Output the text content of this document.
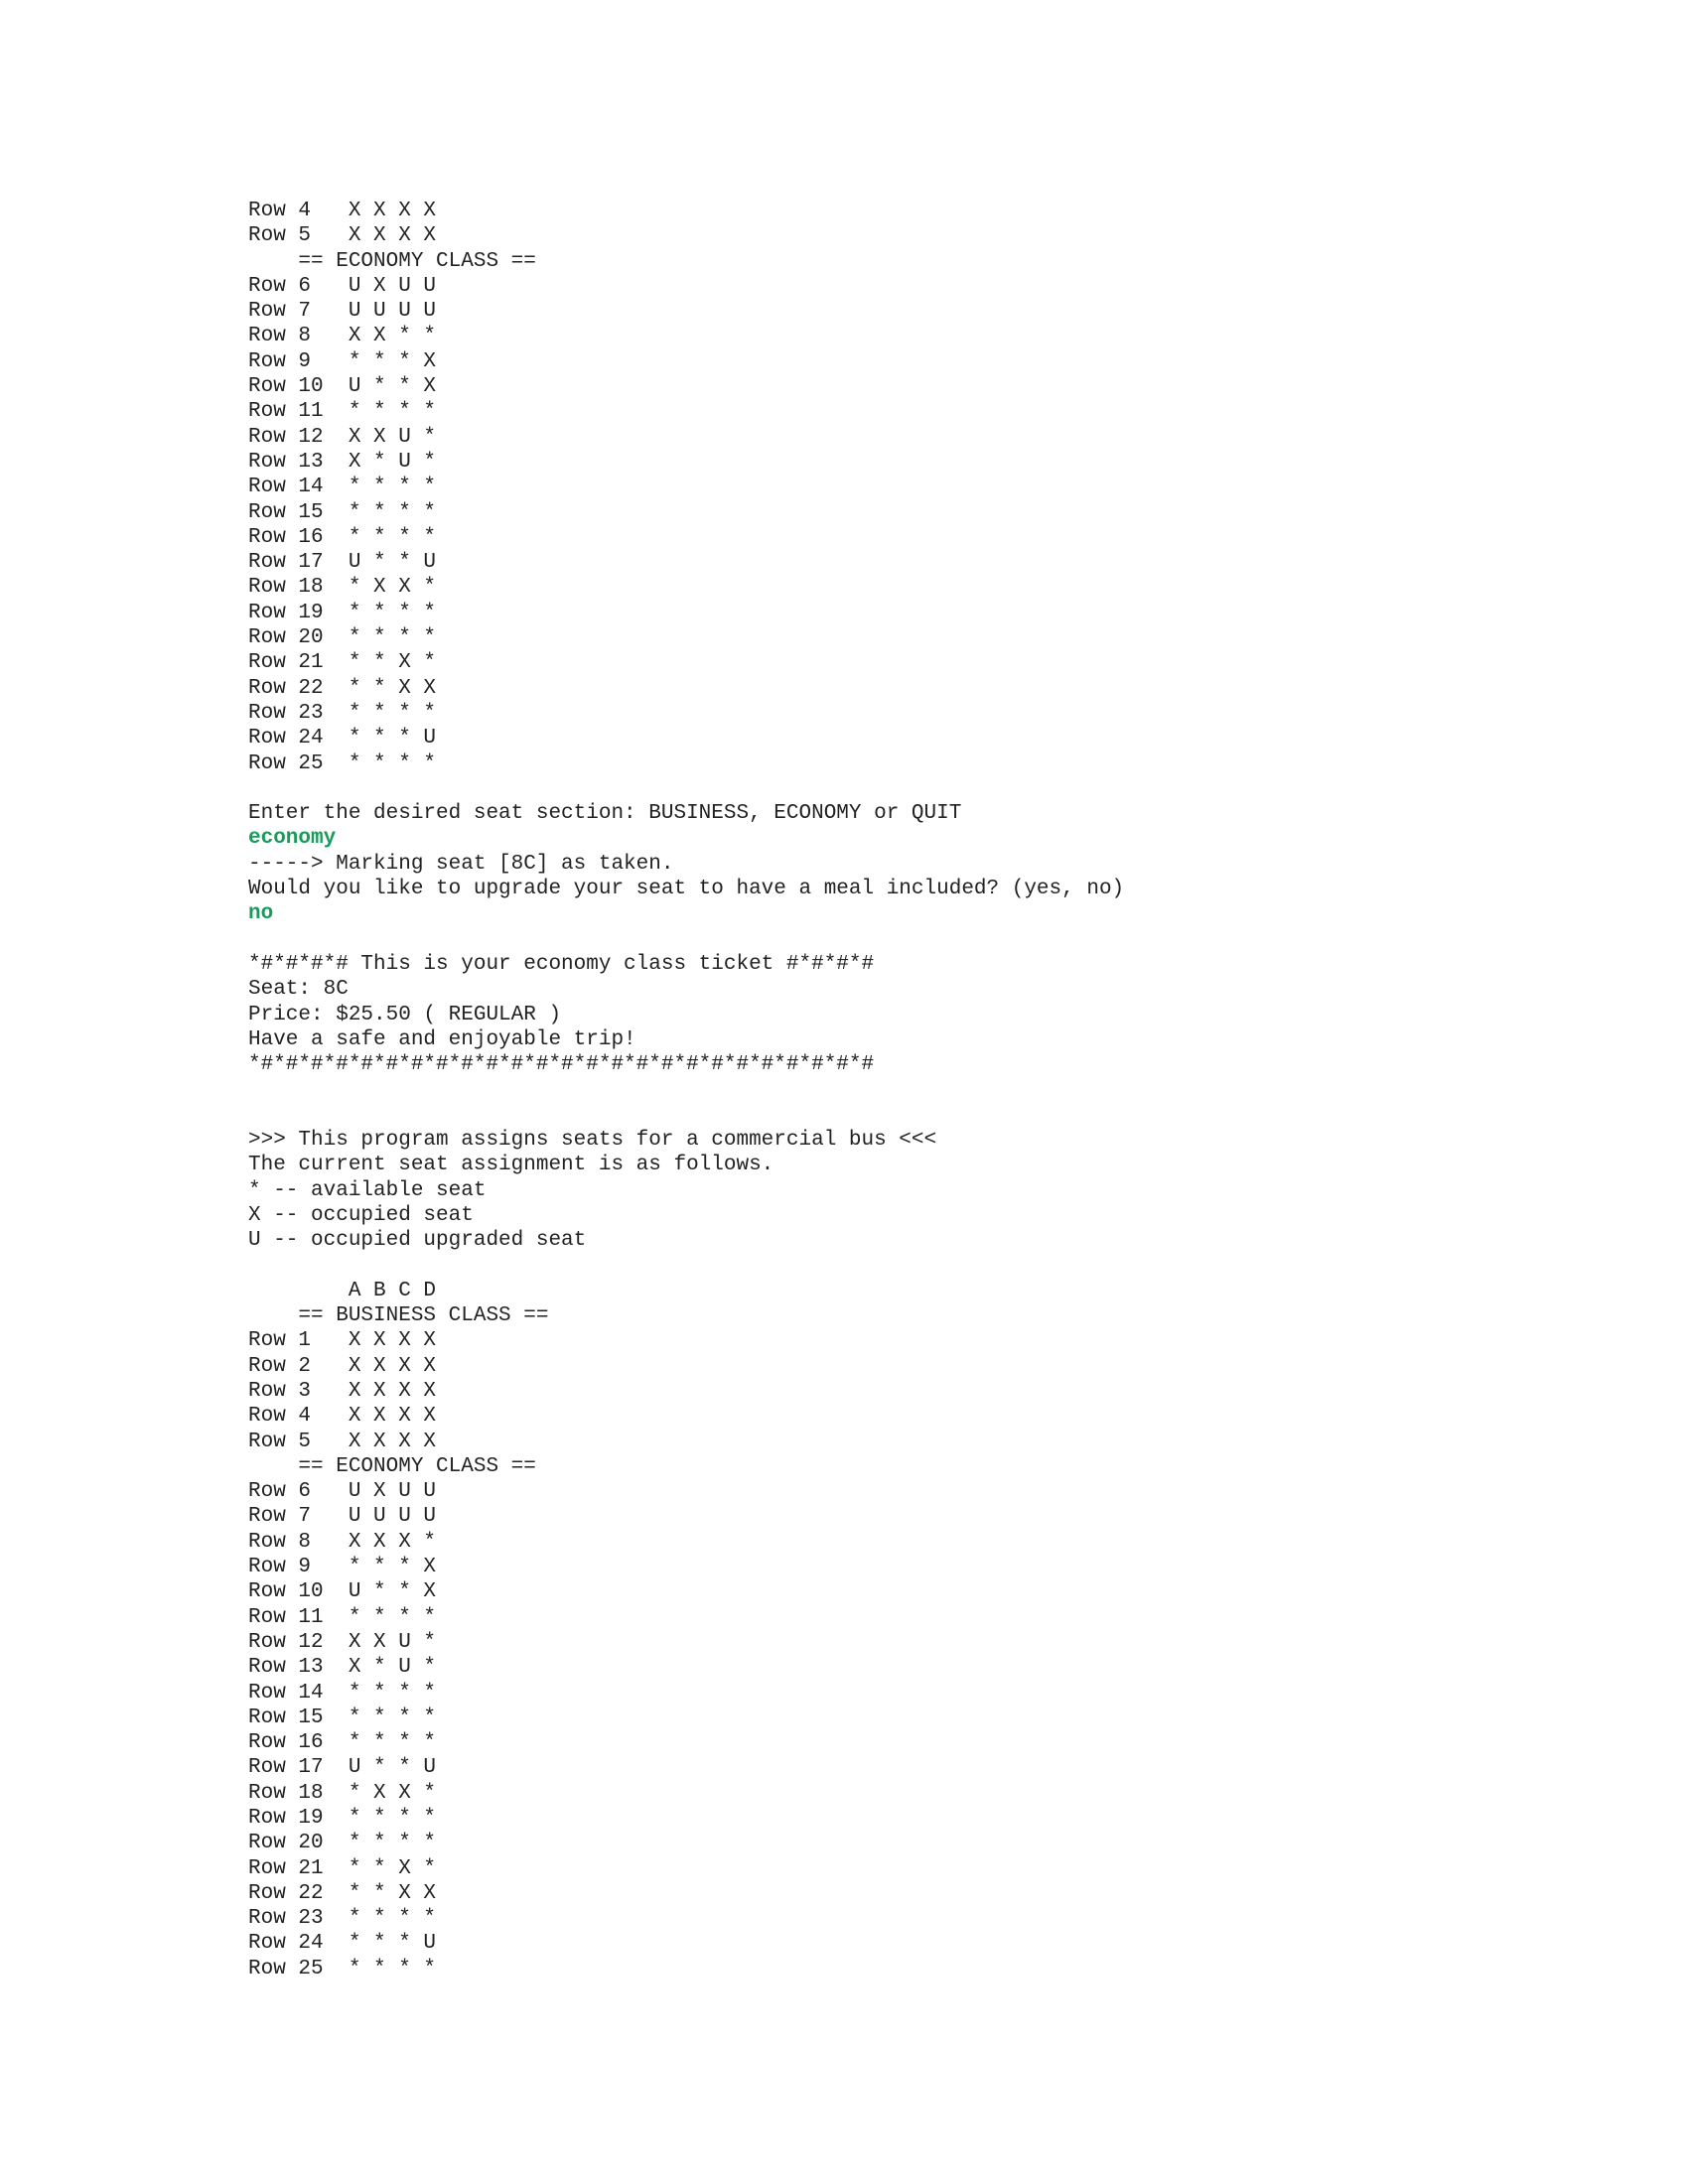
Row 4   X X X X
Row 5   X X X X
== ECONOMY CLASS ==
Row 6   U X U U
Row 7   U U U U
Row 8   X X * *
Row 9   * * * X
Row 10  U * * X
Row 11  * * * *
Row 12  X X U *
Row 13  X * U *
Row 14  * * * *
Row 15  * * * *
Row 16  * * * *
Row 17  U * * U
Row 18  * X X *
Row 19  * * * *
Row 20  * * * *
Row 21  * * X *
Row 22  * * X X
Row 23  * * * *
Row 24  * * * U
Row 25  * * * *
Enter the desired seat section: BUSINESS, ECONOMY or QUIT
economy
-----> Marking seat [8C] as taken.
Would you like to upgrade your seat to have a meal included? (yes, no)
no
*#*#*#*# This is your economy class ticket #*#*#*#
Seat: 8C
Price: $25.50 ( REGULAR )
Have a safe and enjoyable trip!
*#*#*#*#*#*#*#*#*#*#*#*#*#*#*#*#*#*#*#*#*#*#*#*#*#
>>> This program assigns seats for a commercial bus <<<
The current seat assignment is as follows.
* -- available seat
X -- occupied seat
U -- occupied upgraded seat
A B C D
== BUSINESS CLASS ==
Row 1   X X X X
Row 2   X X X X
Row 3   X X X X
Row 4   X X X X
Row 5   X X X X
== ECONOMY CLASS ==
Row 6   U X U U
Row 7   U U U U
Row 8   X X X *
Row 9   * * * X
Row 10  U * * X
Row 11  * * * *
Row 12  X X U *
Row 13  X * U *
Row 14  * * * *
Row 15  * * * *
Row 16  * * * *
Row 17  U * * U
Row 18  * X X *
Row 19  * * * *
Row 20  * * * *
Row 21  * * X *
Row 22  * * X X
Row 23  * * * *
Row 24  * * * U
Row 25  * * * *
